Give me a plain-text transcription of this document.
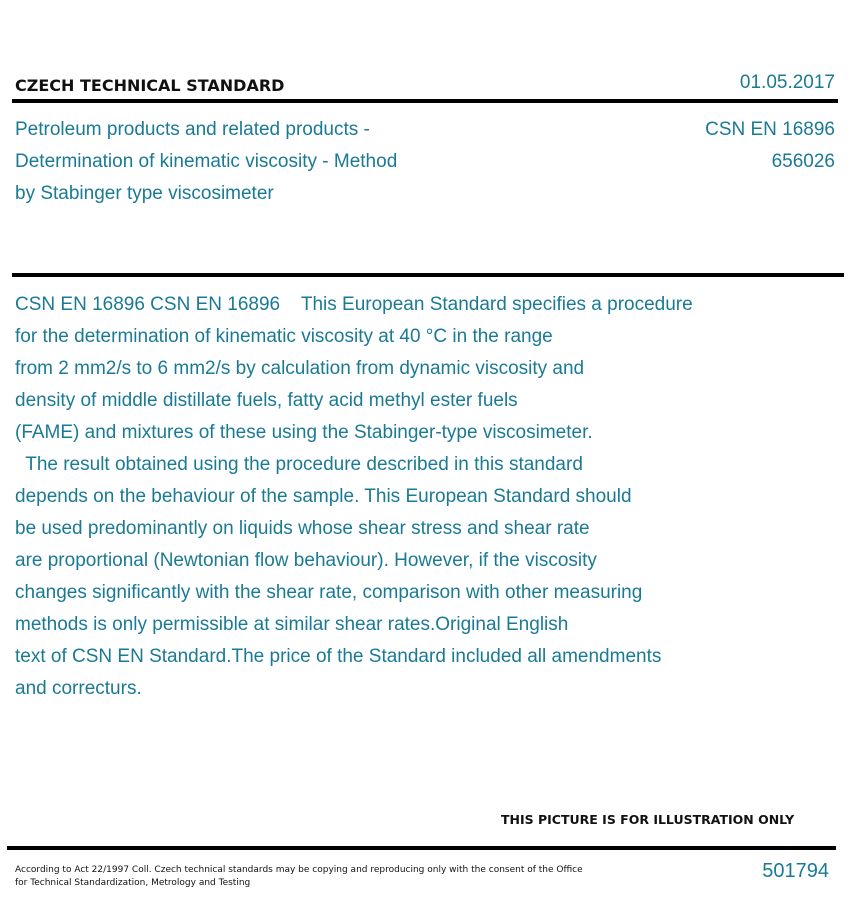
CZECH TECHNICAL STANDARD	01.05.2017
Petroleum products and related products -
Determination of kinematic viscosity - Method
by Stabinger type viscosimeter
CSN EN 16896
656026
CSN EN 16896 CSN EN 16896    This European Standard specifies a procedure
for the determination of kinematic viscosity at 40 °C in the range
from 2 mm2/s to 6 mm2/s by calculation from dynamic viscosity and
density of middle distillate fuels, fatty acid methyl ester fuels
(FAME) and mixtures of these using the Stabinger-type viscosimeter.
The result obtained using the procedure described in this standard
depends on the behaviour of the sample. This European Standard should
be used predominantly on liquids whose shear stress and shear rate
are proportional (Newtonian flow behaviour). However, if the viscosity
changes significantly with the shear rate, comparison with other measuring
methods is only permissible at similar shear rates.Original English
text of CSN EN Standard.The price of the Standard included all amendments
and correcturs.
THIS PICTURE IS FOR ILLUSTRATION ONLY
According to Act 22/1997 Coll. Czech technical standards may be copying and reproducing only with the consent of the Office
for Technical Standardization, Metrology and Testing
501794
